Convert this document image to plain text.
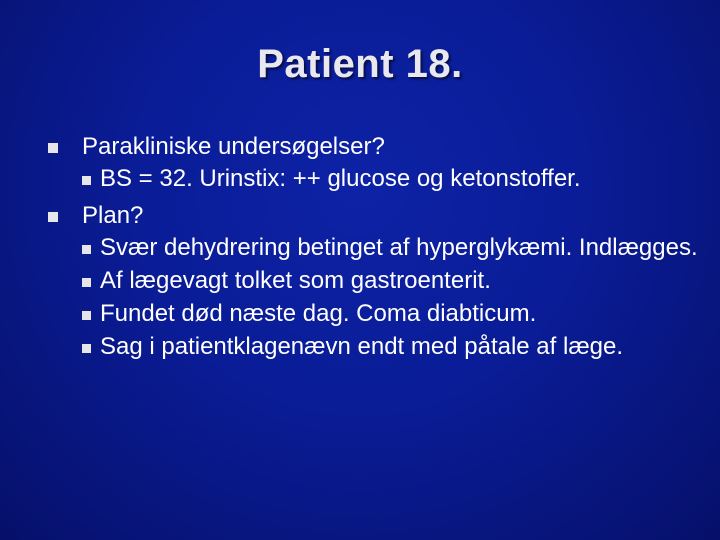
Patient 18.
Parakliniske undersøgelser?
BS = 32. Urinstix: ++ glucose og ketonstoffer.
Plan?
Svær dehydrering betinget af hyperglykæmi. Indlægges.
Af lægevagt tolket som gastroenterit.
Fundet død næste dag. Coma diabticum.
Sag i patientklagenævn endt med påtale af læge.
